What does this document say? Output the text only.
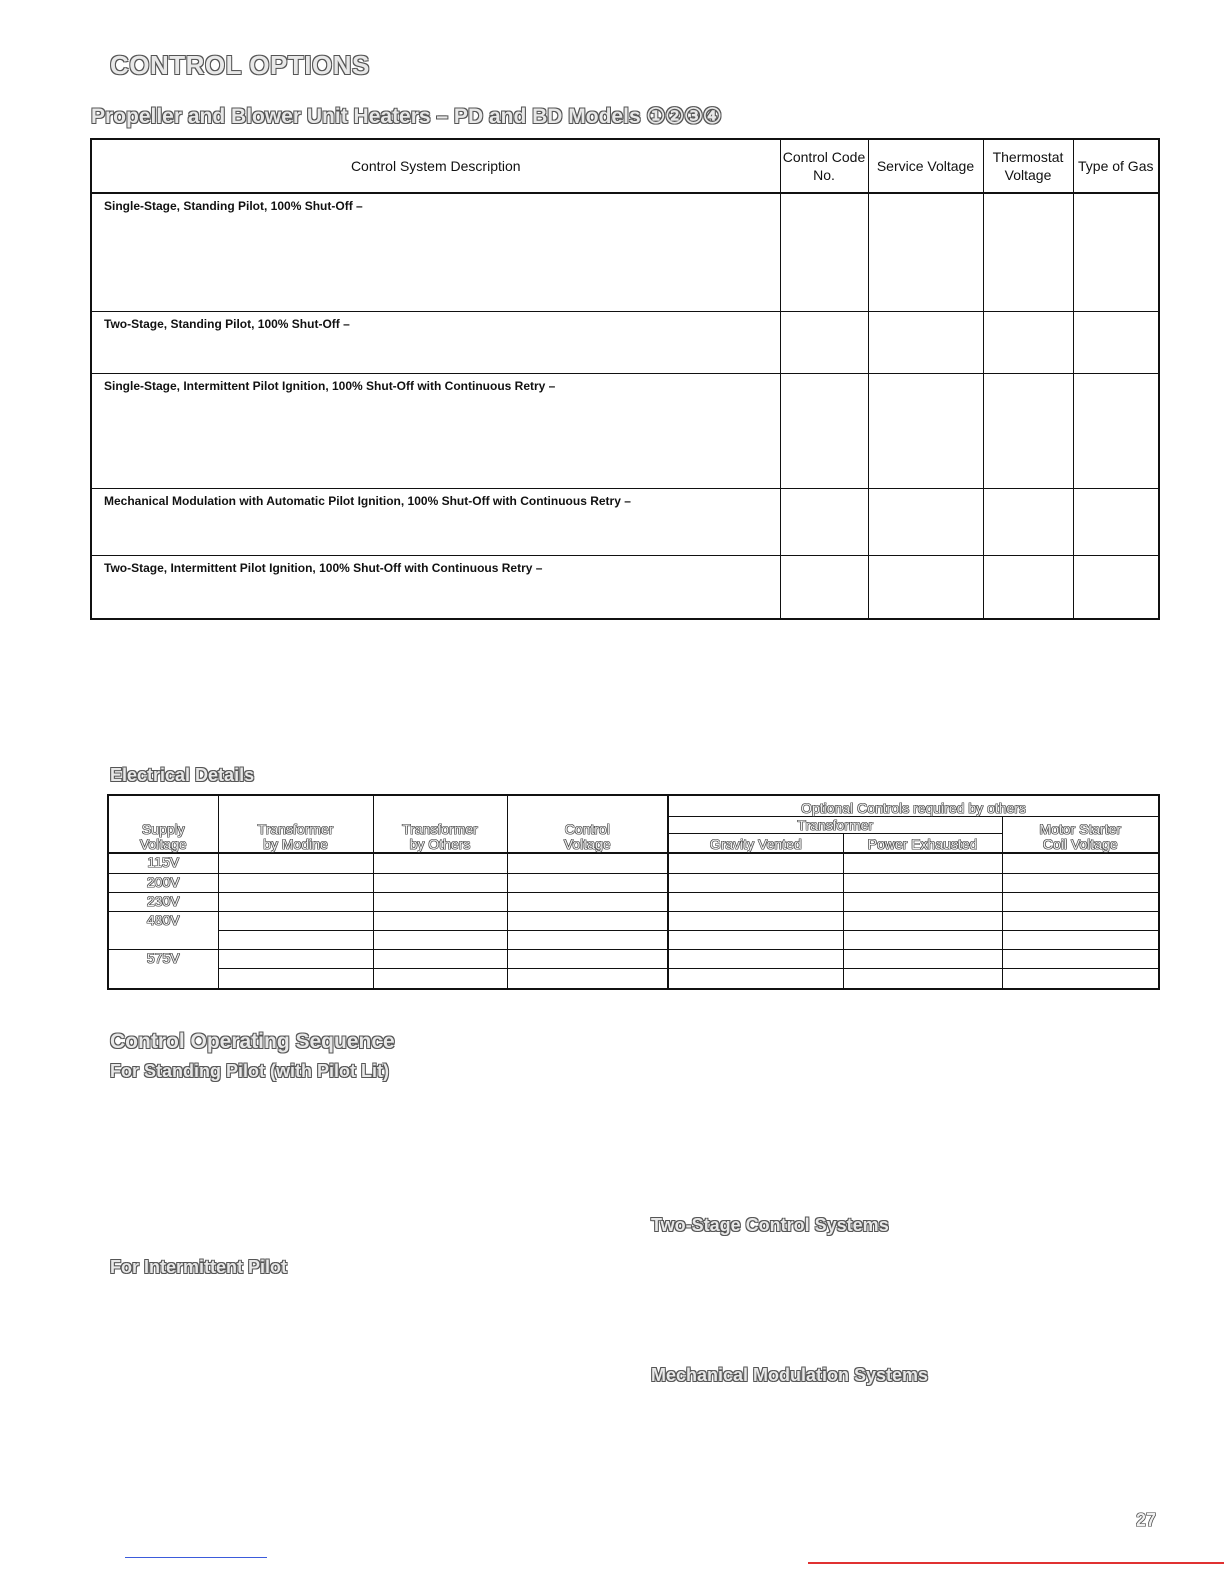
CONTROL OPTIONS
Propeller and Blower Unit Heaters – PD and BD Models ①②③④
Control System Description	Control Code No.	Service Voltage	Thermostat Voltage	Type of Gas
Single-Stage, Standing Pilot, 100% Shut-Off –				
Two-Stage, Standing Pilot, 100% Shut-Off –				
Single-Stage, Intermittent Pilot Ignition, 100% Shut-Off with Continuous Retry –				
Mechanical Modulation with Automatic Pilot Ignition, 100% Shut-Off with Continuous Retry –				
Two-Stage, Intermittent Pilot Ignition, 100% Shut-Off with Continuous Retry –				
Electrical Details
Supply Voltage	Transformer by Modine	Transformer by Others	Control Voltage	Optional Controls required by others		
				Transformer		Motor Starter Coil Voltage
				Gravity Vented	Power Exhausted	
115V						
200V						
230V						
480V						

575V						

Control Operating Sequence
For Standing Pilot (with Pilot Lit)
Two-Stage Control Systems
For Intermittent Pilot
Mechanical Modulation Systems
27
